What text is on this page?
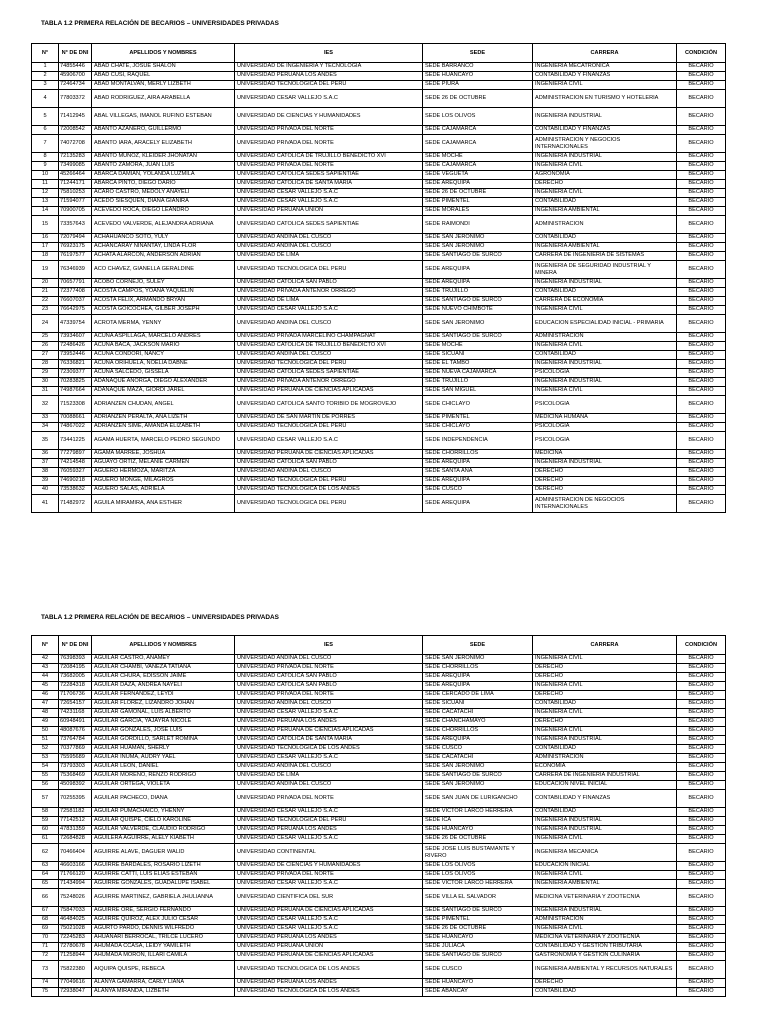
TABLA 1.2 PRIMERA RELACIÓN DE BECARIOS – UNIVERSIDADES PRIVADAS
N°	N° DE DNI	APELLIDOS Y NOMBRES	IES	SEDE	CARRERA	CONDICIÓN
1	74855446	ABAD CHATE, JOSUE SHALON	UNIVERSIDAD DE INGENIERIA Y TECNOLOGIA	SEDE BARRANCO	INGENIERIA MECATRONICA	BECARIO
2	45906700	ABAD CUSI, RAQUEL	UNIVERSIDAD PERUANA LOS ANDES	SEDE HUANCAYO	CONTABILIDAD Y FINANZAS	BECARIO
3	72464734	ABAD MONTALVAN, MERLY LIZBETH	UNIVERSIDAD TECNOLOGICA DEL PERU	SEDE PIURA	INGENIERIA CIVIL	BECARIO
4	77803372	ABAD RODRIGUEZ, AIRA ARABELLA	UNIVERSIDAD CESAR VALLEJO S.A.C	SEDE 26 DE OCTUBRE	ADMINISTRACION EN TURISMO Y HOTELERIA	BECARIO
5	71412945	ABAL VILLEGAS, IMANOL RUFINO ESTEBAN	UNIVERSIDAD DE CIENCIAS Y HUMANIDADES	SEDE LOS OLIVOS	INGENIERIA INDUSTRIAL	BECARIO
6	72008542	ABANTO AZAÑERO, GUILLERMO	UNIVERSIDAD PRIVADA DEL NORTE	SEDE CAJAMARCA	CONTABILIDAD Y FINANZAS	BECARIO
7	74072708	ABANTO IARA, ARACELY ELIZABETH	UNIVERSIDAD PRIVADA DEL NORTE	SEDE CAJAMARCA	ADMINISTRACION Y NEGOCIOS INTERNACIONALES	BECARIO
8	72135283	ABANTO MUÑOZ, KLEIDER JHONATAN	UNIVERSIDAD CATOLICA DE TRUJILLO BENEDICTO XVI	SEDE MOCHE	INGENIERIA INDUSTRIAL	BECARIO
9	73499085	ABANTO ZAMORA, JUAN LUIS	UNIVERSIDAD PRIVADA DEL NORTE	SEDE CAJAMARCA	INGENIERIA CIVIL	BECARIO
10	45266464	ABARCA DAMIAN, YOLANDA LUZMILA	UNIVERSIDAD CATOLICA SEDES SAPIENTIAE	SEDE VEGUETA	AGRONOMIA	BECARIO
11	71244171	ABARCA PINTO, DIEGO DARIO	UNIVERSIDAD CATOLICA DE SANTA MARIA	SEDE AREQUIPA	DERECHO	BECARIO
12	75810253	ACARO CASTRO, MEDOLY ANAYELI	UNIVERSIDAD CESAR VALLEJO S.A.C	SEDE 26 DE OCTUBRE	INGENIERIA CIVIL	BECARIO
13	71594077	ACEDO SIESQUEN, DIANA GIANIRA	UNIVERSIDAD CESAR VALLEJO S.A.C	SEDE PIMENTEL	CONTABILIDAD	BECARIO
14	70900705	ACEVEDO ROCA, DIEGO LEANDRO	UNIVERSIDAD PERUANA UNION	SEDE MORALES	INGENIERIA AMBIENTAL	BECARIO
15	73357643	ACEVEDO VALVERDE, ALEJANDRA ADRIANA	UNIVERSIDAD CATOLICA SEDES SAPIENTIAE	SEDE RAIMONDI	ADMINISTRACION	BECARIO
16	72079494	ACHAHUANCO SOTO, YULY	UNIVERSIDAD ANDINA DEL CUSCO	SEDE SAN JERONIMO	CONTABILIDAD	BECARIO
17	76923175	ACHANCARAY NINANTAY, LINDA FLOR	UNIVERSIDAD ANDINA DEL CUSCO	SEDE SAN JERONIMO	INGENIERIA AMBIENTAL	BECARIO
18	76197577	ACHATA ALARCON, ANDERSON ADRIAN	UNIVERSIDAD DE LIMA	SEDE SANTIAGO DE SURCO	CARRERA DE INGENIERIA DE SISTEMAS	BECARIO
19	76346939	ACO CHAVEZ, GIANELLA GERALDINE	UNIVERSIDAD TECNOLOGICA DEL PERU	SEDE AREQUIPA	INGENIERIA DE SEGURIDAD INDUSTRIAL Y MINERA	BECARIO
20	70657791	ACOBO CORNEJO, SULEY	UNIVERSIDAD CATOLICA SAN PABLO	SEDE AREQUIPA	INGENIERIA INDUSTRIAL	BECARIO
21	72377408	ACOSTA CAMPOS, YOANA YAQUELIN	UNIVERSIDAD PRIVADA ANTENOR ORREGO	SEDE TRUJILLO	CONTABILIDAD	BECARIO
22	76607037	ACOSTA FELIX, ARMANDO BRYAN	UNIVERSIDAD DE LIMA	SEDE SANTIAGO DE SURCO	CARRERA DE ECONOMIA	BECARIO
23	76642975	ACOSTA GOICOCHEA, GILBER JOSEPH	UNIVERSIDAD CESAR VALLEJO S.A.C	SEDE NUEVO CHIMBOTE	INGENIERIA CIVIL	BECARIO
24	47339754	ACROTA MERMA, YENNY	UNIVERSIDAD ANDINA DEL CUSCO	SEDE SAN JERONIMO	EDUCACION ESPECIALIDAD INICIAL - PRIMARIA	BECARIO
25	73934607	ACUÑA ASPILLAGA, MARCELO ANDRES	UNIVERSIDAD PRIVADA MARCELINO CHAMPAGNAT	SEDE SANTIAGO DE SURCO	ADMINISTRACION	BECARIO
26	72486426	ACUÑA BACA, JACKSON MARIO	UNIVERSIDAD CATOLICA DE TRUJILLO BENEDICTO XVI	SEDE MOCHE	INGENIERIA CIVIL	BECARIO
27	73952446	ACUÑA CONDORI, NANCY	UNIVERSIDAD ANDINA DEL CUSCO	SEDE SICUANI	CONTABILIDAD	BECARIO
28	76336821	ACUÑA ORIHUELA, NOELIA DABNE	UNIVERSIDAD TECNOLOGICA DEL PERU	SEDE EL TAMBO	INGENIERIA INDUSTRIAL	BECARIO
29	72309377	ACUÑA SALCEDO, GISSELA	UNIVERSIDAD CATOLICA SEDES SAPIENTIAE	SEDE NUEVA CAJAMARCA	PSICOLOGIA	BECARIO
30	70283825	ADANAQUE ANORGA, DIEGO ALEXANDER	UNIVERSIDAD PRIVADA ANTENOR ORREGO	SEDE TRUJILLO	INGENIERIA INDUSTRIAL	BECARIO
31	74987664	ADANAQUE MAZA, GIORDI JAREL	UNIVERSIDAD PERUANA DE CIENCIAS APLICADAS	SEDE SAN MIGUEL	INGENIERIA CIVIL	BECARIO
32	71523308	ADRIANZEN CHUDAN, ANGEL	UNIVERSIDAD CATOLICA SANTO TORIBIO DE MOGROVEJO	SEDE CHICLAYO	PSICOLOGIA	BECARIO
33	70088661	ADRIANZEN PERALTA, ANA LIZETH	UNIVERSIDAD DE SAN MARTIN DE PORRES	SEDE PIMENTEL	MEDICINA HUMANA	BECARIO
34	74867022	ADRIANZEN SIME, AMANDA ELIZABETH	UNIVERSIDAD TECNOLOGICA DEL PERU	SEDE CHICLAYO	PSICOLOGIA	BECARIO
35	73441225	AGAMA HUERTA, MARCELO PEDRO SEGUNDO	UNIVERSIDAD CESAR VALLEJO S.A.C	SEDE INDEPENDENCIA	PSICOLOGIA	BECARIO
36	77279897	AGAMA MARREE, JOSHUA	UNIVERSIDAD PERUANA DE CIENCIAS APLICADAS	SEDE CHORRILLOS	MEDICINA	BECARIO
37	74214548	AGUAYO ORTIZ, MELANIE CARMEN	UNIVERSIDAD CATOLICA SAN PABLO	SEDE AREQUIPA	INGENIERIA INDUSTRIAL	BECARIO
38	76059327	AGÜERO HERMOZA, MARITZA	UNIVERSIDAD ANDINA DEL CUSCO	SEDE SANTA ANA	DERECHO	BECARIO
39	74690218	AGÜERO MONGE, MILAGROS	UNIVERSIDAD TECNOLOGICA DEL PERU	SEDE AREQUIPA	DERECHO	BECARIO
40	73538632	AGÜERO SALAS, ADRIELA	UNIVERSIDAD TECNOLOGICA DE LOS ANDES	SEDE CUSCO	DERECHO	BECARIO
41	71482972	AGUILA MIRAMIRA, ANA ESTHER	UNIVERSIDAD TECNOLOGICA DEL PERU	SEDE AREQUIPA	ADMINISTRACION DE NEGOCIOS INTERNACIONALES	BECARIO
TABLA 1.2 PRIMERA RELACIÓN DE BECARIOS – UNIVERSIDADES PRIVADAS
N°	N° DE DNI	APELLIDOS Y NOMBRES	IES	SEDE	CARRERA	CONDICIÓN
42	76398393	AGUILAR CASTRO, ANAMEY	UNIVERSIDAD ANDINA DEL CUSCO	SEDE SAN JERONIMO	INGENIERIA CIVIL	BECARIO
43	72084195	AGUILAR CHAMBI, VANEZA TATIANA	UNIVERSIDAD PRIVADA DEL NORTE	SEDE CHORRILLOS	DERECHO	BECARIO
44	73682005	AGUILAR CHURA, EDISSON JAIME	UNIVERSIDAD CATOLICA SAN PABLO	SEDE AREQUIPA	DERECHO	BECARIO
45	72284318	AGUILAR DAZA, ANDREA NAYELI	UNIVERSIDAD CATOLICA SAN PABLO	SEDE AREQUIPA	INGENIERIA CIVIL	BECARIO
46	71706736	AGUILAR FERNANDEZ, LEYDI	UNIVERSIDAD PRIVADA DEL NORTE	SEDE CERCADO DE LIMA	DERECHO	BECARIO
47	72654157	AGUILAR FLOREZ, LIZANDRO JOHAN	UNIVERSIDAD ANDINA DEL CUSCO	SEDE SICUANI	CONTABILIDAD	BECARIO
48	74231168	AGUILAR GAMONAL, LUIS ALBERTO	UNIVERSIDAD CESAR VALLEJO S.A.C	SEDE CACATACHI	INGENIERIA CIVIL	BECARIO
49	60948491	AGUILAR GARCIA, YAJAYRA NICOLE	UNIVERSIDAD PERUANA LOS ANDES	SEDE CHANCHAMAYO	DERECHO	BECARIO
50	48087676	AGUILAR GONZALES, JOSE LUIS	UNIVERSIDAD PERUANA DE CIENCIAS APLICADAS	SEDE CHORRILLOS	INGENIERIA CIVIL	BECARIO
51	73764784	AGUILAR GORDILLO, SARLET ROMINA	UNIVERSIDAD CATOLICA DE SANTA MARIA	SEDE AREQUIPA	INGENIERIA INDUSTRIAL	BECARIO
52	70377869	AGUILAR HUAMAN, SHERLY	UNIVERSIDAD TECNOLOGICA DE LOS ANDES	SEDE CUSCO	CONTABILIDAD	BECARIO
53	75595689	AGUILAR INUMA, AUDRY YAEL	UNIVERSIDAD CESAR VALLEJO S.A.C	SEDE CACATACHI	ADMINISTRACION	BECARIO
54	73793303	AGUILAR LEON, DANIEL	UNIVERSIDAD ANDINA DEL CUSCO	SEDE SAN JERONIMO	ECONOMIA	BECARIO
55	75368469	AGUILAR MORENO, RENZO RODRIGO	UNIVERSIDAD DE LIMA	SEDE SANTIAGO DE SURCO	CARRERA DE INGENIERIA INDUSTRIAL	BECARIO
56	45098392	AGUILAR ORTEGA, VIOLETA	UNIVERSIDAD ANDINA DEL CUSCO	SEDE SAN JERONIMO	EDUCACION NIVEL INICIAL	BECARIO
57	70255395	AGUILAR PACHECO, DIANA	UNIVERSIDAD PRIVADA DEL NORTE	SEDE SAN JUAN DE LURIGANCHO	CONTABILIDAD Y FINANZAS	BECARIO
58	72581182	AGUILAR PUMACHAICO, YHENNY	UNIVERSIDAD CESAR VALLEJO S.A.C	SEDE VICTOR LARCO HERRERA	CONTABILIDAD	BECARIO
59	77142512	AGUILAR QUISPE, CIELO KAROLINE	UNIVERSIDAD TECNOLOGICA DEL PERU	SEDE ICA	INGENIERIA INDUSTRIAL	BECARIO
60	47831359	AGUILAR VALVERDE, CLAUDIO RODRIGO	UNIVERSIDAD PERUANA LOS ANDES	SEDE HUANCAYO	INGENIERIA INDUSTRIAL	BECARIO
61	72684828	AGUILERA AGUIRRE, ALELY KIABETH	UNIVERSIDAD CESAR VALLEJO S.A.C	SEDE 26 DE OCTUBRE	INGENIERIA CIVIL	BECARIO
62	70466404	AGUIRRE ALAVE, DAGUER WALID	UNIVERSIDAD CONTINENTAL	SEDE JOSE LUIS BUSTAMANTE Y RIVERO	INGENIERIA MECANICA	BECARIO
63	46603166	AGUIRRE BARDALES, ROSARIO LIZETH	UNIVERSIDAD DE CIENCIAS Y HUMANIDADES	SEDE LOS OLIVOS	EDUCACION INICIAL	BECARIO
64	71766120	AGUIRRE CATTI, LUIS ELIAS ESTEBAN	UNIVERSIDAD PRIVADA DEL NORTE	SEDE LOS OLIVOS	INGENIERIA CIVIL	BECARIO
65	71434994	AGUIRRE GONZALES, GUADALUPE ISABEL	UNIVERSIDAD CESAR VALLEJO S.A.C	SEDE VICTOR LARCO HERRERA	INGENIERIA AMBIENTAL	BECARIO
66	75248026	AGUIRRE MARTINEZ, GABRIELA JHULIANNA	UNIVERSIDAD CIENTIFICA DEL SUR	SEDE VILLA EL SALVADOR	MEDICINA VETERINARIA Y ZOOTECNIA	BECARIO
67	75847033	AGUIRRE ORE, SERGIO FERNANDO	UNIVERSIDAD PERUANA DE CIENCIAS APLICADAS	SEDE SANTIAGO DE SURCO	INGENIERIA INDUSTRIAL	BECARIO
68	46484025	AGUIRRE QUIROZ, ALEX JULIO CESAR	UNIVERSIDAD CESAR VALLEJO S.A.C	SEDE PIMENTEL	ADMINISTRACION	BECARIO
69	75021028	AGURTO PARDO, DENNIS WILFREDO	UNIVERSIDAD CESAR VALLEJO S.A.C	SEDE 26 DE OCTUBRE	INGENIERIA CIVIL	BECARIO
70	72245283	AHUANARI BERROCAL, TRILCE LUCERO	UNIVERSIDAD PERUANA LOS ANDES	SEDE HUANCAYO	MEDICINA VETERINARIA Y ZOOTECNIA	BECARIO
71	72780678	AHUMADA CCASA, LEIDY YAMILETH	UNIVERSIDAD PERUANA UNION	SEDE JULIACA	CONTABILIDAD Y GESTION TRIBUTARIA	BECARIO
72	71258944	AHUMADA MORON, ILLARI CAMILA	UNIVERSIDAD PERUANA DE CIENCIAS APLICADAS	SEDE SANTIAGO DE SURCO	GASTRONOMIA Y GESTION CULINARIA	BECARIO
73	75822380	AIQUIPA QUISPE, REBECA	UNIVERSIDAD TECNOLOGICA DE LOS ANDES	SEDE CUSCO	INGENIERIA AMBIENTAL Y RECURSOS NATURALES	BECARIO
74	77049616	ALANYA GAMARRA, CARLY LIANA	UNIVERSIDAD PERUANA LOS ANDES	SEDE HUANCAYO	DERECHO	BECARIO
75	72938047	ALANYA MIRANDA, LIZBETH	UNIVERSIDAD TECNOLOGICA DE LOS ANDES	SEDE ABANCAY	CONTABILIDAD	BECARIO
